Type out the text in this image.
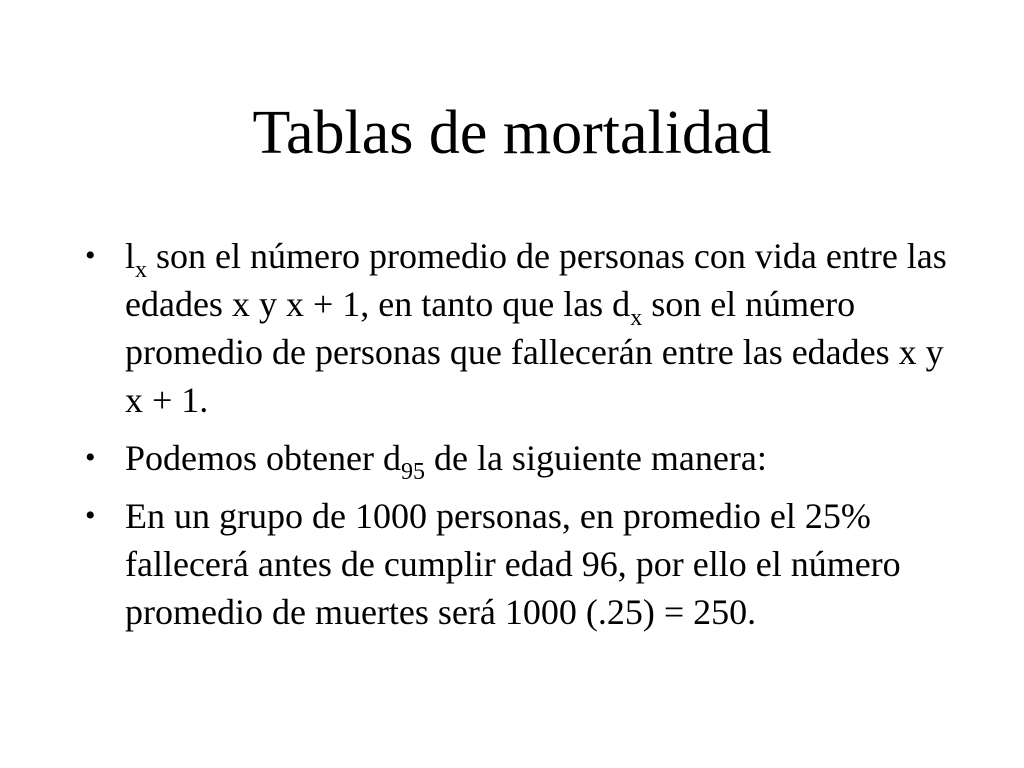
Tablas de mortalidad
• $l_x$ son el número promedio de personas con vida entre las edades x y x + 1, en tanto que las $d_x$ son el número promedio de personas que fallecerán entre las edades x y x + 1.
• Podemos obtener $d_{95}$ de la siguiente manera:
• En un grupo de 1000 personas, en promedio el 25% fallecerá antes de cumplir edad 96, por ello el número promedio de muertes será 1000 (.25) = 250.
